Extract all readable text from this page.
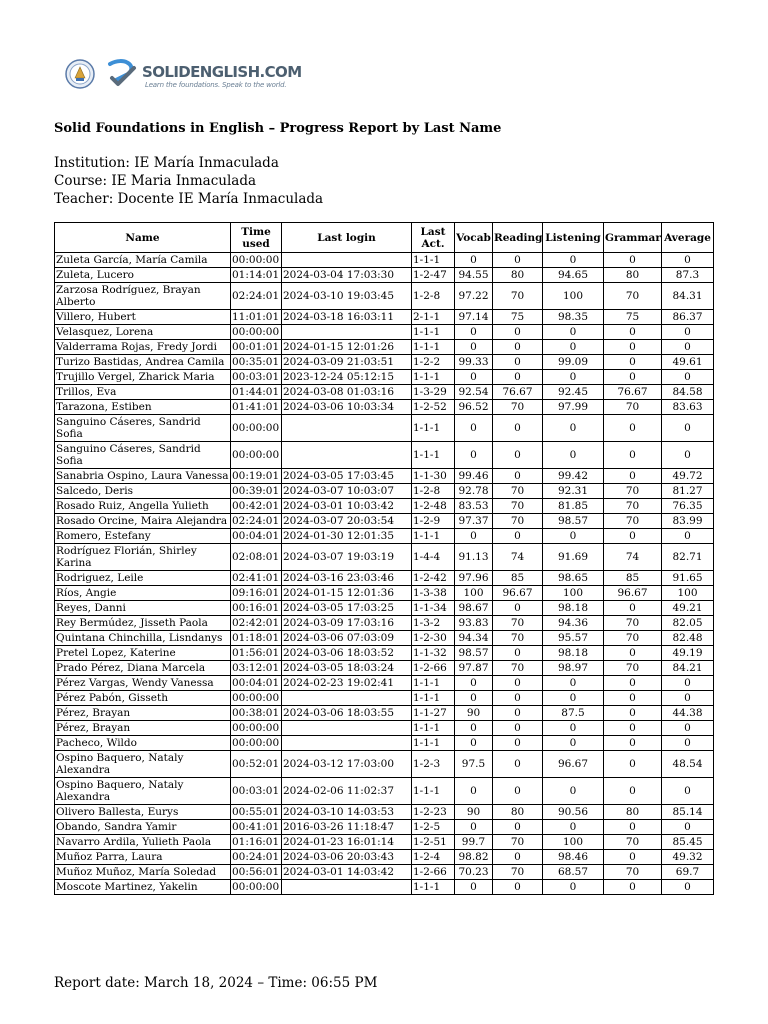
SOLIDENGLISH.COM
Learn the foundations. Speak to the world.
Solid Foundations in English – Progress Report by Last Name
Institution: IE María Inmaculada
Course: IE Maria Inmaculada
Teacher: Docente IE María Inmaculada
Name	Time used	Last login	Last Act.	Vocab	Reading	Listening	Grammar	Average
Zuleta García, María Camila	00:00:00		1-1-1	0	0	0	0	0
Zuleta, Lucero	01:14:01	2024-03-04 17:03:30	1-2-47	94.55	80	94.65	80	87.3
Zarzosa Rodríguez, Brayan Alberto	02:24:01	2024-03-10 19:03:45	1-2-8	97.22	70	100	70	84.31
Villero, Hubert	11:01:01	2024-03-18 16:03:11	2-1-1	97.14	75	98.35	75	86.37
Velasquez, Lorena	00:00:00		1-1-1	0	0	0	0	0
Valderrama Rojas, Fredy Jordi	00:01:01	2024-01-15 12:01:26	1-1-1	0	0	0	0	0
Turizo Bastidas, Andrea Camila	00:35:01	2024-03-09 21:03:51	1-2-2	99.33	0	99.09	0	49.61
Trujillo Vergel, Zharick Maria	00:03:01	2023-12-24 05:12:15	1-1-1	0	0	0	0	0
Trillos, Eva	01:44:01	2024-03-08 01:03:16	1-3-29	92.54	76.67	92.45	76.67	84.58
Tarazona, Estiben	01:41:01	2024-03-06 10:03:34	1-2-52	96.52	70	97.99	70	83.63
Sanguino Cáseres, Sandrid Sofia	00:00:00		1-1-1	0	0	0	0	0
Sanguino Cáseres, Sandrid Sofia	00:00:00		1-1-1	0	0	0	0	0
Sanabria Ospino, Laura Vanessa	00:19:01	2024-03-05 17:03:45	1-1-30	99.46	0	99.42	0	49.72
Salcedo, Deris	00:39:01	2024-03-07 10:03:07	1-2-8	92.78	70	92.31	70	81.27
Rosado Ruiz, Angella Yulieth	00:42:01	2024-03-01 10:03:42	1-2-48	83.53	70	81.85	70	76.35
Rosado Orcine, Maira Alejandra	02:24:01	2024-03-07 20:03:54	1-2-9	97.37	70	98.57	70	83.99
Romero, Estefany	00:04:01	2024-01-30 12:01:35	1-1-1	0	0	0	0	0
Rodríguez Florián, Shirley Karina	02:08:01	2024-03-07 19:03:19	1-4-4	91.13	74	91.69	74	82.71
Rodriguez, Leile	02:41:01	2024-03-16 23:03:46	1-2-42	97.96	85	98.65	85	91.65
Ríos, Angie	09:16:01	2024-01-15 12:01:36	1-3-38	100	96.67	100	96.67	100
Reyes, Danni	00:16:01	2024-03-05 17:03:25	1-1-34	98.67	0	98.18	0	49.21
Rey Bermúdez, Jisseth Paola	02:42:01	2024-03-09 17:03:16	1-3-2	93.83	70	94.36	70	82.05
Quintana Chinchilla, Lisndanys	01:18:01	2024-03-06 07:03:09	1-2-30	94.34	70	95.57	70	82.48
Pretel Lopez, Katerine	01:56:01	2024-03-06 18:03:52	1-1-32	98.57	0	98.18	0	49.19
Prado Pérez, Diana Marcela	03:12:01	2024-03-05 18:03:24	1-2-66	97.87	70	98.97	70	84.21
Pérez Vargas, Wendy Vanessa	00:04:01	2024-02-23 19:02:41	1-1-1	0	0	0	0	0
Pérez Pabón, Gisseth	00:00:00		1-1-1	0	0	0	0	0
Pérez, Brayan	00:38:01	2024-03-06 18:03:55	1-1-27	90	0	87.5	0	44.38
Pérez, Brayan	00:00:00		1-1-1	0	0	0	0	0
Pacheco, Wildo	00:00:00		1-1-1	0	0	0	0	0
Ospino Baquero, Nataly Alexandra	00:52:01	2024-03-12 17:03:00	1-2-3	97.5	0	96.67	0	48.54
Ospino Baquero, Nataly Alexandra	00:03:01	2024-02-06 11:02:37	1-1-1	0	0	0	0	0
Olivero Ballesta, Eurys	00:55:01	2024-03-10 14:03:53	1-2-23	90	80	90.56	80	85.14
Obando, Sandra Yamir	00:41:01	2016-03-26 11:18:47	1-2-5	0	0	0	0	0
Navarro Ardila, Yulieth Paola	01:16:01	2024-01-23 16:01:14	1-2-51	99.7	70	100	70	85.45
Muñoz Parra, Laura	00:24:01	2024-03-06 20:03:43	1-2-4	98.82	0	98.46	0	49.32
Muñoz Muñoz, María Soledad	00:56:01	2024-03-01 14:03:42	1-2-66	70.23	70	68.57	70	69.7
Moscote Martinez, Yakelin	00:00:00		1-1-1	0	0	0	0	0
Report date: March 18, 2024 – Time: 06:55 PM
